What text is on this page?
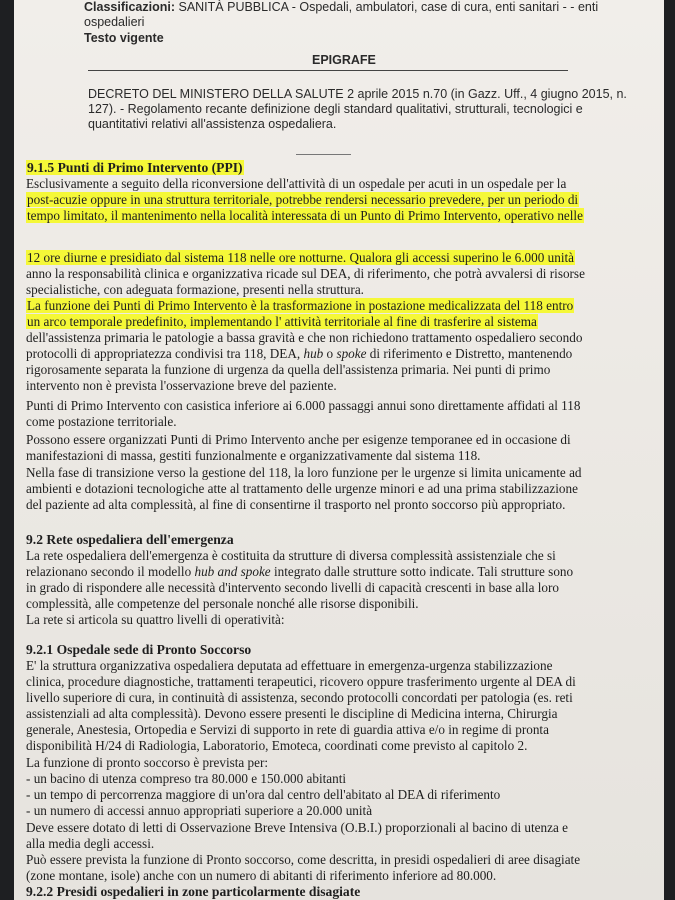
Classificazioni: SANITÀ PUBBLICA - Ospedali, ambulatori, case di cura, enti sanitari - - enti
ospedalieri
Testo vigente
EPIGRAFE
DECRETO DEL MINISTERO DELLA SALUTE 2 aprile 2015 n.70 (in Gazz. Uff., 4 giugno 2015, n.
127). - Regolamento recante definizione degli standard qualitativi, strutturali, tecnologici e
quantitativi relativi all'assistenza ospedaliera.
9.1.5 Punti di Primo Intervento (PPI)
Esclusivamente a seguito della riconversione dell'attività di un ospedale per acuti in un ospedale per la
post-acuzie oppure in una struttura territoriale, potrebbe rendersi necessario prevedere, per un periodo di
tempo limitato, il mantenimento nella località interessata di un Punto di Primo Intervento, operativo nelle
12 ore diurne e presidiato dal sistema 118 nelle ore notturne. Qualora gli accessi superino le 6.000 unità
anno la responsabilità clinica e organizzativa ricade sul DEA, di riferimento, che potrà avvalersi di risorse
specialistiche, con adeguata formazione, presenti nella struttura.
La funzione dei Punti di Primo Intervento è la trasformazione in postazione medicalizzata del 118 entro
un arco temporale predefinito, implementando l' attività territoriale al fine di trasferire al sistema
dell'assistenza primaria le patologie a bassa gravità e che non richiedono trattamento ospedaliero secondo
protocolli di appropriatezza condivisi tra 118, DEA, hub o spoke di riferimento e Distretto, mantenendo
rigorosamente separata la funzione di urgenza da quella dell'assistenza primaria. Nei punti di primo
intervento non è prevista l'osservazione breve del paziente.
Punti di Primo Intervento con casistica inferiore ai 6.000 passaggi annui sono direttamente affidati al 118
come postazione territoriale.
Possono essere organizzati Punti di Primo Intervento anche per esigenze temporanee ed in occasione di
manifestazioni di massa, gestiti funzionalmente e organizzativamente dal sistema 118.
Nella fase di transizione verso la gestione del 118, la loro funzione per le urgenze si limita unicamente ad
ambienti e dotazioni tecnologiche atte al trattamento delle urgenze minori e ad una prima stabilizzazione
del paziente ad alta complessità, al fine di consentirne il trasporto nel pronto soccorso più appropriato.
9.2 Rete ospedaliera dell'emergenza
La rete ospedaliera dell'emergenza è costituita da strutture di diversa complessità assistenziale che si
relazionano secondo il modello hub and spoke integrato dalle strutture sotto indicate. Tali strutture sono
in grado di rispondere alle necessità d'intervento secondo livelli di capacità crescenti in base alla loro
complessità, alle competenze del personale nonché alle risorse disponibili.
La rete si articola su quattro livelli di operatività:
9.2.1 Ospedale sede di Pronto Soccorso
E' la struttura organizzativa ospedaliera deputata ad effettuare in emergenza-urgenza stabilizzazione
clinica, procedure diagnostiche, trattamenti terapeutici, ricovero oppure trasferimento urgente al DEA di
livello superiore di cura, in continuità di assistenza, secondo protocolli concordati per patologia (es. reti
assistenziali ad alta complessità). Devono essere presenti le discipline di Medicina interna, Chirurgia
generale, Anestesia, Ortopedia e Servizi di supporto in rete di guardia attiva e/o in regime di pronta
disponibilità H/24 di Radiologia, Laboratorio, Emoteca, coordinati come previsto al capitolo 2.
La funzione di pronto soccorso è prevista per:
- un bacino di utenza compreso tra 80.000 e 150.000 abitanti
- un tempo di percorrenza maggiore di un'ora dal centro dell'abitato al DEA di riferimento
- un numero di accessi annuo appropriati superiore a 20.000 unità
Deve essere dotato di letti di Osservazione Breve Intensiva (O.B.I.) proporzionali al bacino di utenza e
alla media degli accessi.
Può essere prevista la funzione di Pronto soccorso, come descritta, in presidi ospedalieri di aree disagiate
(zone montane, isole) anche con un numero di abitanti di riferimento inferiore ad 80.000.
9.2.2 Presidi ospedalieri in zone particolarmente disagiate
